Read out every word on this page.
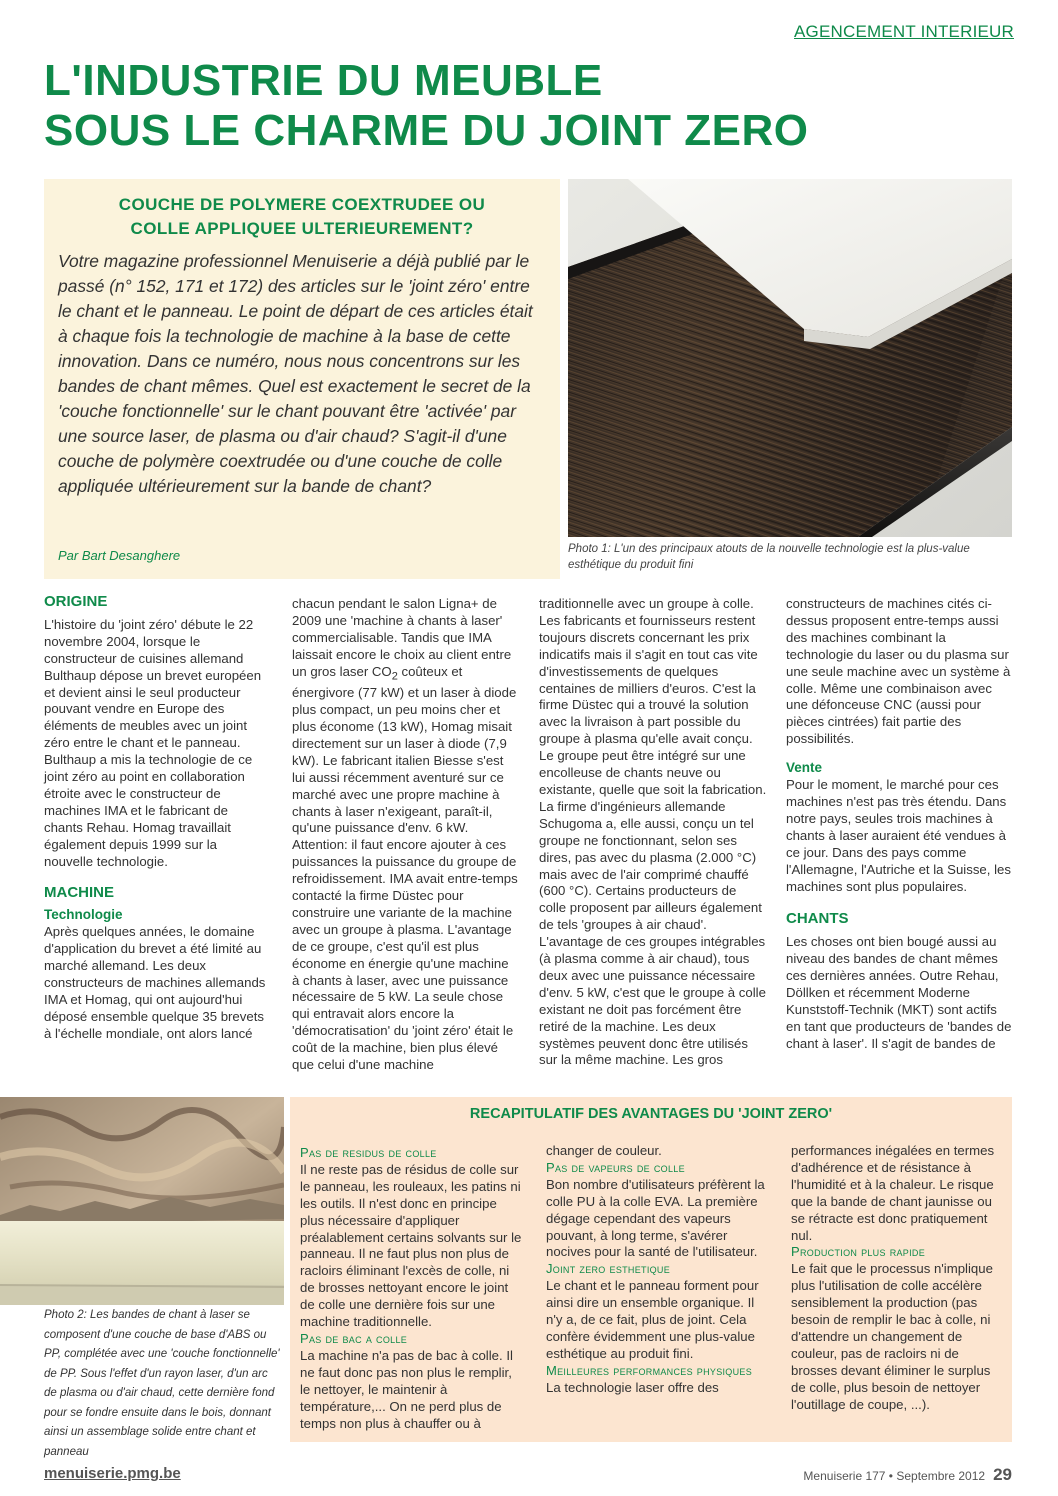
AGENCEMENT INTERIEUR
L'INDUSTRIE DU MEUBLE
SOUS LE CHARME DU JOINT ZERO
COUCHE DE POLYMERE COEXTRUDEE OU
COLLE APPLIQUEE ULTERIEUREMENT?

Votre magazine professionnel Menuiserie a déjà publié par le passé (n° 152, 171 et 172) des articles sur le 'joint zéro' entre le chant et le panneau. Le point de départ de ces articles était à chaque fois la technologie de machine à la base de cette innovation. Dans ce numéro, nous nous concentrons sur les bandes de chant mêmes. Quel est exactement le secret de la 'couche fonctionnelle' sur le chant pouvant être 'activée' par une source laser, de plasma ou d'air chaud? S'agit-il d'une couche de polymère coextrudée ou d'une couche de colle appliquée ultérieurement sur la bande de chant?

Par Bart Desanghere	Photo 1: L'un des principaux atouts de la nouvelle technologie est la plus-value esthétique du produit fini
ORIGINE

L'histoire du 'joint zéro' débute le 22 novembre 2004, lorsque le constructeur de cuisines allemand Bulthaup dépose un brevet européen et devient ainsi le seul producteur pouvant vendre en Europe des éléments de meubles avec un joint zéro entre le chant et le panneau. Bulthaup a mis la technologie de ce joint zéro au point en collaboration étroite avec le constructeur de machines IMA et le fabricant de chants Rehau. Homag travaillait également depuis 1999 sur la nouvelle technologie.

MACHINE
Technologie

Après quelques années, le domaine d'application du brevet a été limité au marché allemand. Les deux constructeurs de machines allemands IMA et Homag, qui ont aujourd'hui déposé ensemble quelque 35 brevets à l'échelle mondiale, ont alors lancé

chacun pendant le salon Ligna+ de 2009 une 'machine à chants à laser' commercialisable. Tandis que IMA laissait encore le choix au client entre un gros laser $CO_2$ coûteux et énergivore (77 kW) et un laser à diode plus compact, un peu moins cher et plus économe (13 kW), Homag misait directement sur un laser à diode (7,9 kW). Le fabricant italien Biesse s'est lui aussi récemment aventuré sur ce marché avec une propre machine à chants à laser n'exigeant, paraît-il, qu'une puissance d'env. 6 kW. Attention: il faut encore ajouter à ces puissances la puissance du groupe de refroidissement. IMA avait entre-temps contacté la firme Düstec pour construire une variante de la machine avec un groupe à plasma. L'avantage de ce groupe, c'est qu'il est plus économe en énergie qu'une machine à chants à laser, avec une puissance nécessaire de 5 kW. La seule chose qui entravait alors encore la 'démocratisation' du 'joint zéro' était le coût de la machine, bien plus élevé que celui d'une machine

traditionnelle avec un groupe à colle. Les fabricants et fournisseurs restent toujours discrets concernant les prix indicatifs mais il s'agit en tout cas vite d'investissements de quelques centaines de milliers d'euros. C'est la firme Düstec qui a trouvé la solution avec la livraison à part possible du groupe à plasma qu'elle avait conçu. Le groupe peut être intégré sur une encolleuse de chants neuve ou existante, quelle que soit la fabrication. La firme d'ingénieurs allemande Schugoma a, elle aussi, conçu un tel groupe ne fonctionnant, selon ses dires, pas avec du plasma (2.000 °C) mais avec de l'air comprimé chauffé (600 °C). Certains producteurs de colle proposent par ailleurs également de tels 'groupes à air chaud'. L'avantage de ces groupes intégrables (à plasma comme à air chaud), tous deux avec une puissance nécessaire d'env. 5 kW, c'est que le groupe à colle existant ne doit pas forcément être retiré de la machine. Les deux systèmes peuvent donc être utilisés sur la même machine. Les gros

constructeurs de machines cités ci-dessus proposent entre-temps aussi des machines combinant la technologie du laser ou du plasma sur une seule machine avec un système à colle. Même une combinaison avec une défonceuse CNC (aussi pour pièces cintrées) fait partie des possibilités.

Vente

Pour le moment, le marché pour ces machines n'est pas très étendu. Dans notre pays, seules trois machines à chants à laser auraient été vendues à ce jour. Dans des pays comme l'Allemagne, l'Autriche et la Suisse, les machines sont plus populaires.

CHANTS

Les choses ont bien bougé aussi au niveau des bandes de chant mêmes ces dernières années. Outre Rehau, Döllken et récemment Moderne Kunststoff-Technik (MKT) sont actifs en tant que producteurs de 'bandes de chant à laser'. Il s'agit de bandes de

Photo 2: Les bandes de chant à laser se composent d'une couche de base d'ABS ou PP, complétée avec une 'couche fonctionnelle' de PP. Sous l'effet d'un rayon laser, d'un arc de plasma ou d'air chaud, cette dernière fond pour se fondre ensuite dans le bois, donnant ainsi un assemblage solide entre chant et panneau
RECAPITULATIF DES AVANTAGES DU 'JOINT ZERO'
Pas de residus de colle

Il ne reste pas de résidus de colle sur le panneau, les rouleaux, les patins ni les outils. Il n'est donc en principe plus nécessaire d'appliquer préalablement certains solvants sur le panneau. Il ne faut plus non plus de racloirs éliminant l'excès de colle, ni de brosses nettoyant encore le joint de colle une dernière fois sur une machine traditionnelle.

Pas de bac a colle

La machine n'a pas de bac à colle. Il ne faut donc pas non plus le remplir, le nettoyer, le maintenir à température,... On ne perd plus de temps non plus à chauffer ou à

changer de couleur.

Pas de vapeurs de colle

Bon nombre d'utilisateurs préfèrent la colle PU à la colle EVA. La première dégage cependant des vapeurs pouvant, à long terme, s'avérer nocives pour la santé de l'utilisateur.

Joint zero esthetique

Le chant et le panneau forment pour ainsi dire un ensemble organique. Il n'y a, de ce fait, plus de joint. Cela confère évidemment une plus-value esthétique au produit fini.

Meilleures performances physiques

La technologie laser offre des

performances inégalées en termes d'adhérence et de résistance à l'humidité et à la chaleur. Le risque que la bande de chant jaunisse ou se rétracte est donc pratiquement nul.

Production plus rapide

Le fait que le processus n'implique plus l'utilisation de colle accélère sensiblement la production (pas besoin de remplir le bac à colle, ni d'attendre un changement de couleur, pas de racloirs ni de brosses devant éliminer le surplus de colle, plus besoin de nettoyer l'outillage de coupe, ...).

menuiserie.pmg.be	Menuiserie 177 • Septembre 2012 29
